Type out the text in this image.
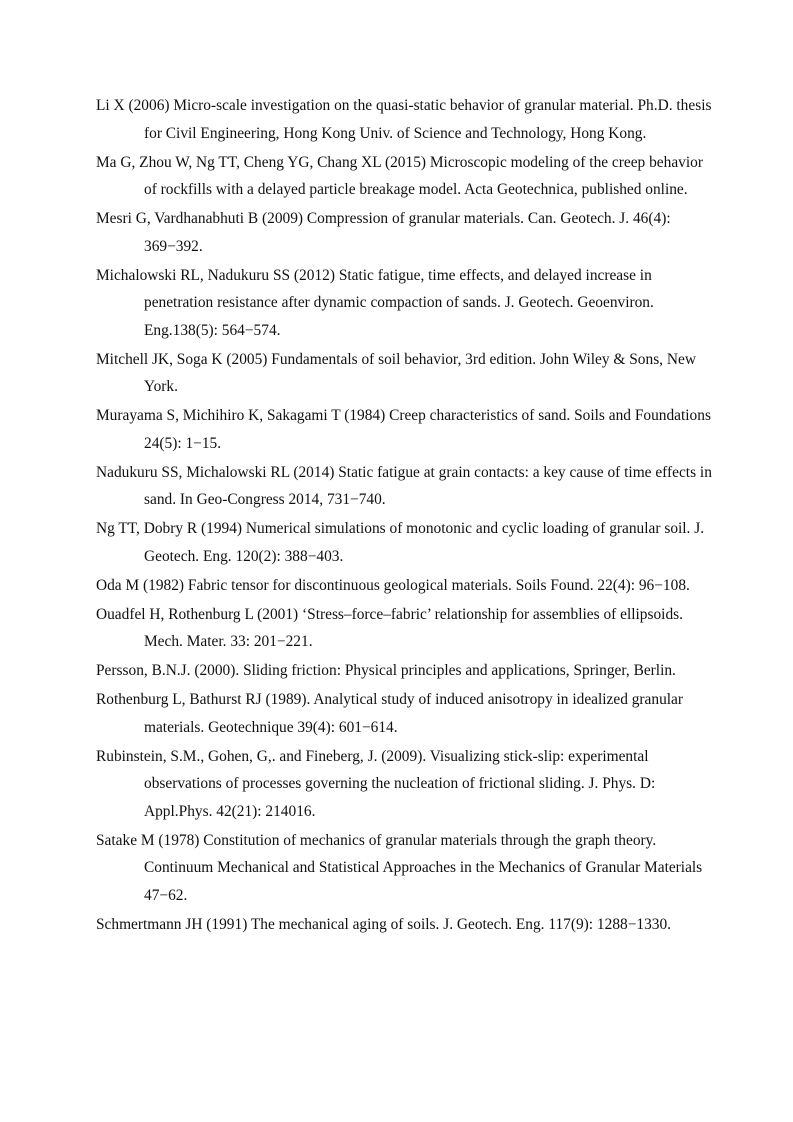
Li X (2006) Micro-scale investigation on the quasi-static behavior of granular material. Ph.D. thesis for Civil Engineering, Hong Kong Univ. of Science and Technology, Hong Kong.
Ma G, Zhou W, Ng TT, Cheng YG, Chang XL (2015) Microscopic modeling of the creep behavior of rockfills with a delayed particle breakage model. Acta Geotechnica, published online.
Mesri G, Vardhanabhuti B (2009) Compression of granular materials. Can. Geotech. J. 46(4): 369−392.
Michalowski RL, Nadukuru SS (2012) Static fatigue, time effects, and delayed increase in penetration resistance after dynamic compaction of sands. J. Geotech. Geoenviron. Eng.138(5): 564−574.
Mitchell JK, Soga K (2005) Fundamentals of soil behavior, 3rd edition. John Wiley & Sons, New York.
Murayama S, Michihiro K, Sakagami T (1984) Creep characteristics of sand. Soils and Foundations 24(5): 1−15.
Nadukuru SS, Michalowski RL (2014) Static fatigue at grain contacts: a key cause of time effects in sand. In Geo-Congress 2014, 731−740.
Ng TT, Dobry R (1994) Numerical simulations of monotonic and cyclic loading of granular soil. J. Geotech. Eng. 120(2): 388−403.
Oda M (1982) Fabric tensor for discontinuous geological materials. Soils Found. 22(4): 96−108.
Ouadfel H, Rothenburg L (2001) ‘Stress–force–fabric’ relationship for assemblies of ellipsoids. Mech. Mater. 33: 201−221.
Persson, B.N.J. (2000). Sliding friction: Physical principles and applications, Springer, Berlin.
Rothenburg L, Bathurst RJ (1989). Analytical study of induced anisotropy in idealized granular materials. Geotechnique 39(4): 601−614.
Rubinstein, S.M., Gohen, G,. and Fineberg, J. (2009). Visualizing stick-slip: experimental observations of processes governing the nucleation of frictional sliding. J. Phys. D: Appl.Phys. 42(21): 214016.
Satake M (1978) Constitution of mechanics of granular materials through the graph theory. Continuum Mechanical and Statistical Approaches in the Mechanics of Granular Materials 47−62.
Schmertmann JH (1991) The mechanical aging of soils. J. Geotech. Eng. 117(9): 1288−1330.
